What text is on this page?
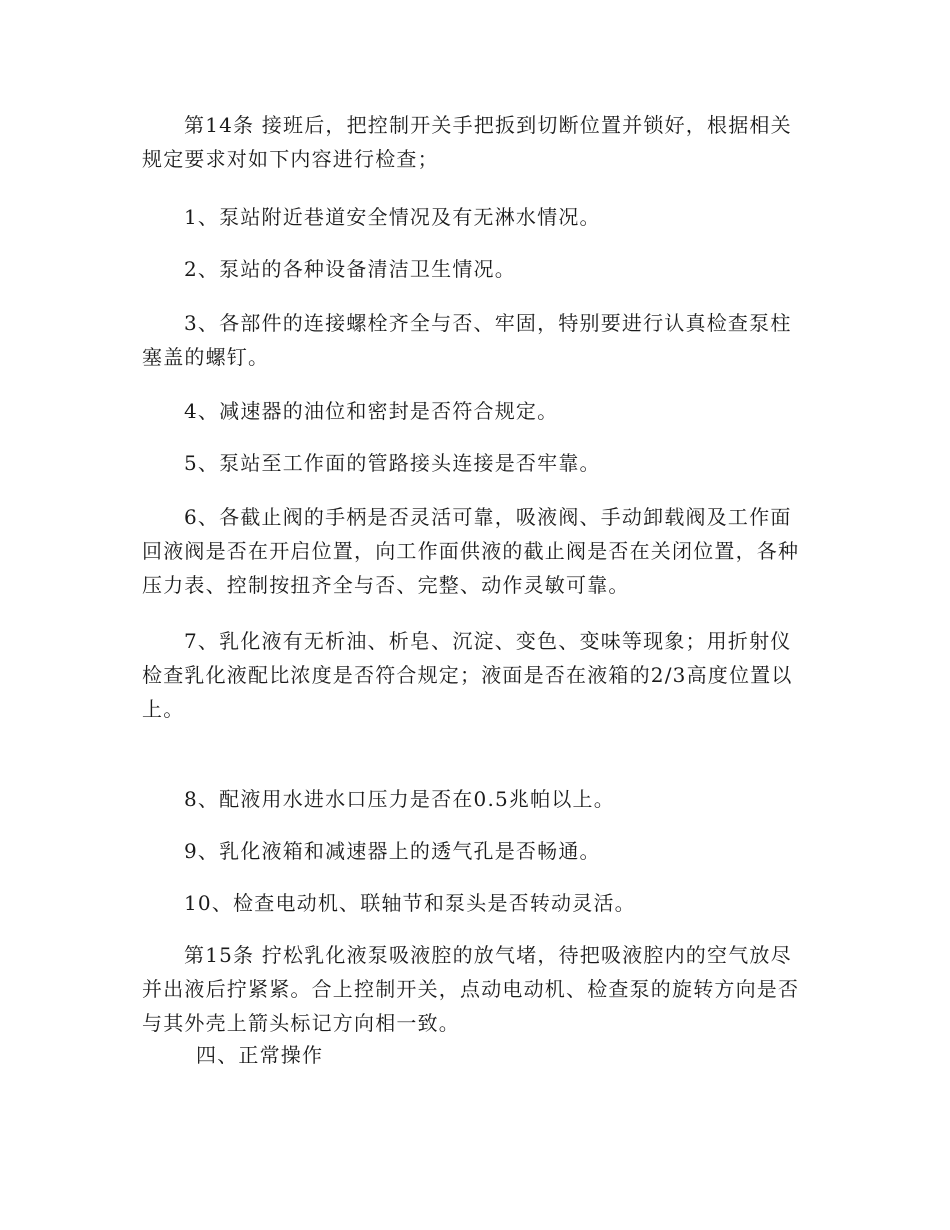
第14条 接班后，把控制开关手把扳到切断位置并锁好，根据相关规定要求对如下内容进行检查；

1、泵站附近巷道安全情况及有无淋水情况。

2、泵站的各种设备清洁卫生情况。

3、各部件的连接螺栓齐全与否、牢固，特别要进行认真检查泵柱塞盖的螺钉。

4、减速器的油位和密封是否符合规定。

5、泵站至工作面的管路接头连接是否牢靠。

6、各截止阀的手柄是否灵活可靠，吸液阀、手动卸载阀及工作面回液阀是否在开启位置，向工作面供液的截止阀是否在关闭位置，各种压力表、控制按扭齐全与否、完整、动作灵敏可靠。

7、乳化液有无析油、析皂、沉淀、变色、变味等现象；用折射仪检查乳化液配比浓度是否符合规定；液面是否在液箱的2/3高度位置以上。

8、配液用水进水口压力是否在0.5兆帕以上。

9、乳化液箱和减速器上的透气孔是否畅通。

10、检查电动机、联轴节和泵头是否转动灵活。

第15条 拧松乳化液泵吸液腔的放气堵，待把吸液腔内的空气放尽并出液后拧紧紧。合上控制开关，点动电动机、检查泵的旋转方向是否与其外壳上箭头标记方向相一致。

四、正常操作
